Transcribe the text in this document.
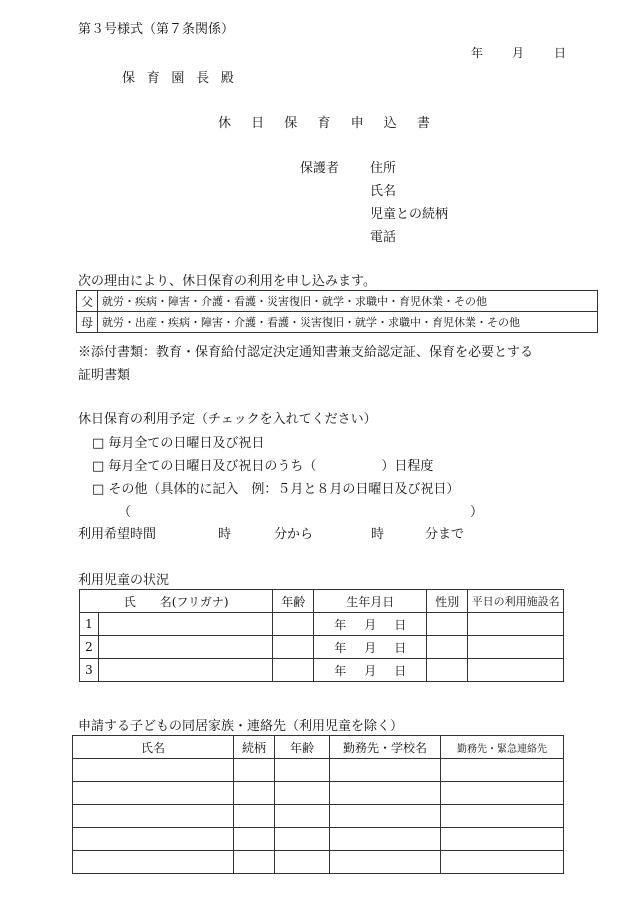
第３号様式（第７条関係）
年 月 日
保育園長殿
休日保育申込書
保護者 住所
氏名
児童との続柄
電話
次の理由により、休日保育の利用を申し込みます。
父	就労・疾病・障害・介護・看護・災害復旧・就学・求職中・育児休業・その他
母	就労・出産・疾病・障害・介護・看護・災害復旧・就学・求職中・育児休業・その他
※添付書類：教育・保育給付認定決定通知書兼支給認定証、保育を必要とする
証明書類
休日保育の利用予定（チェックを入れてください）
□ 毎月全ての日曜日及び祝日
□ 毎月全ての日曜日及び祝日のうち（　　　　　）日程度
□ その他（具体的に記入　例：５月と８月の日曜日及び祝日）
（	）
利用希望時間	時	分から	時	分まで
利用児童の状況
氏　　名(フリガナ)		年齢	生年月日	性別	平日の利用施設名
1			年 月 日		
2			年 月 日		
3			年 月 日		
申請する子どもの同居家族・連絡先（利用児童を除く）
氏名	続柄	年齢	勤務先・学校名	勤務先・緊急連絡先
